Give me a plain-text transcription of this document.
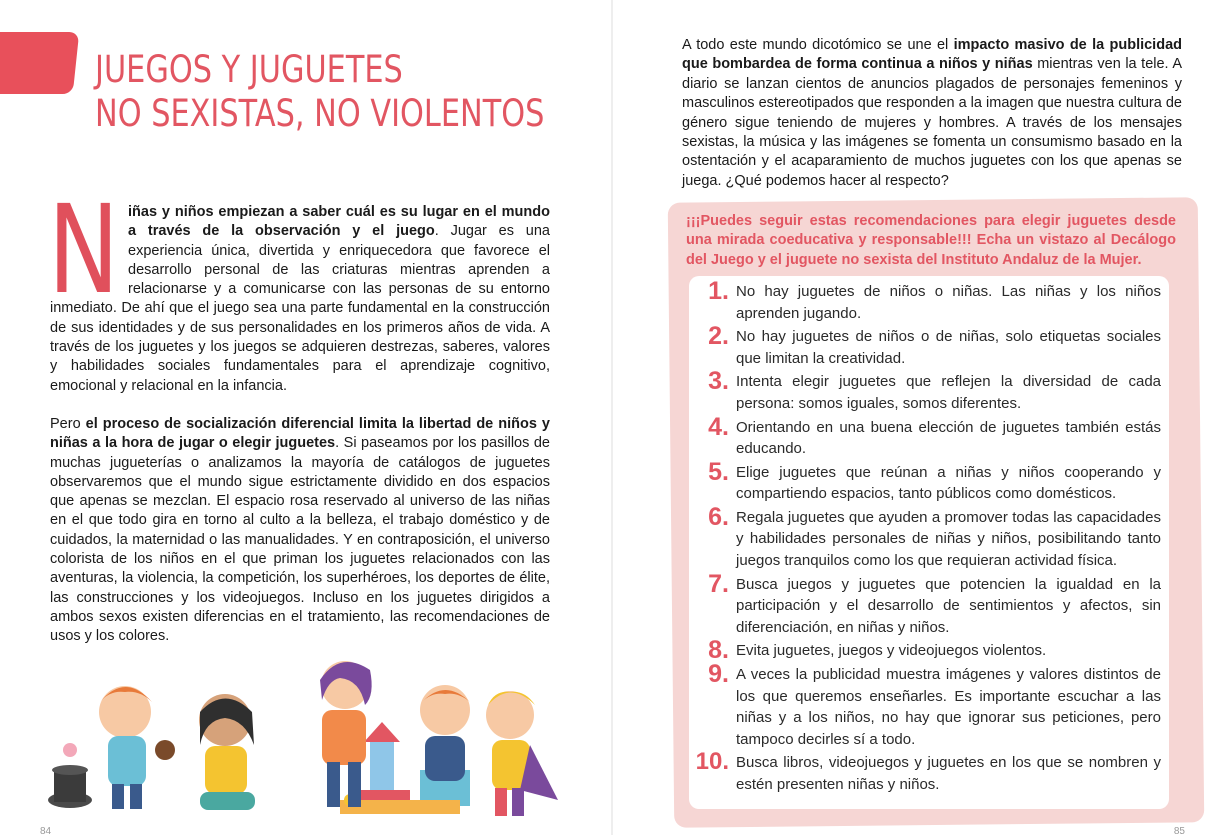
JUEGOS Y JUGUETES
NO SEXISTAS, NO VIOLENTOS

Niñas y niños empiezan a saber cuál es su lugar en el mundo a través de la observación y el juego. Jugar es una experiencia única, divertida y enriquecedora que favorece el desarrollo personal de las criaturas mientras aprenden a relacionarse y a comunicarse con las personas de su entorno inmediato. De ahí que el juego sea una parte fundamental en la construcción de sus identidades y de sus personalidades en los primeros años de vida. A través de los juguetes y los juegos se adquieren destrezas, saberes, valores y habilidades sociales fundamentales para el aprendizaje cognitivo, emocional y relacional en la infancia.

Pero el proceso de socialización diferencial limita la libertad de niños y niñas a la hora de jugar o elegir juguetes. Si paseamos por los pasillos de muchas jugueterías o analizamos la mayoría de catálogos de juguetes observaremos que el mundo sigue estrictamente dividido en dos espacios que apenas se mezclan. El espacio rosa reservado al universo de las niñas en el que todo gira en torno al culto a la belleza, el trabajo doméstico y de cuidados, la maternidad o las manualidades. Y en contraposición, el universo colorista de los niños en el que priman los juguetes relacionados con las aventuras, la violencia, la competición, los superhéroes, los deportes de élite, las construcciones y los videojuegos. Incluso en los juguetes dirigidos a ambos sexos existen diferencias en el tratamiento, las recomendaciones de usos y los colores.

84

A todo este mundo dicotómico se une el impacto masivo de la publicidad que bombardea de forma continua a niños y niñas mientras ven la tele. A diario se lanzan cientos de anuncios plagados de personajes femeninos y masculinos estereotipados que responden a la imagen que nuestra cultura de género sigue teniendo de mujeres y hombres. A través de los mensajes sexistas, la música y las imágenes se fomenta un consumismo basado en la ostentación y el acaparamiento de muchos juguetes con los que apenas se juega. ¿Qué podemos hacer al respecto?

¡¡¡Puedes seguir estas recomendaciones para elegir juguetes desde una mirada coeducativa y responsable!!! Echa un vistazo al Decálogo del Juego y el juguete no sexista del Instituto Andaluz de la Mujer.

1. No hay juguetes de niños o niñas. Las niñas y los niños aprenden jugando.
2. No hay juguetes de niños o de niñas, solo etiquetas sociales que limitan la creatividad.
3. Intenta elegir juguetes que reflejen la diversidad de cada persona: somos iguales, somos diferentes.
4. Orientando en una buena elección de juguetes también estás educando.
5. Elige juguetes que reúnan a niñas y niños cooperando y compartiendo espacios, tanto públicos como domésticos.
6. Regala juguetes que ayuden a promover todas las capacidades y habilidades personales de niñas y niños, posibilitando tanto juegos tranquilos como los que requieran actividad física.
7. Busca juegos y juguetes que potencien la igualdad en la participación y el desarrollo de sentimientos y afectos, sin diferenciación, en niñas y niños.
8. Evita juguetes, juegos y videojuegos violentos.
9. A veces la publicidad muestra imágenes y valores distintos de los que queremos enseñarles. Es importante escuchar a las niñas y a los niños, no hay que ignorar sus peticiones, pero tampoco decirles sí a todo.
10. Busca libros, videojuegos y juguetes en los que se nombren y estén presenten niñas y niños.
85
